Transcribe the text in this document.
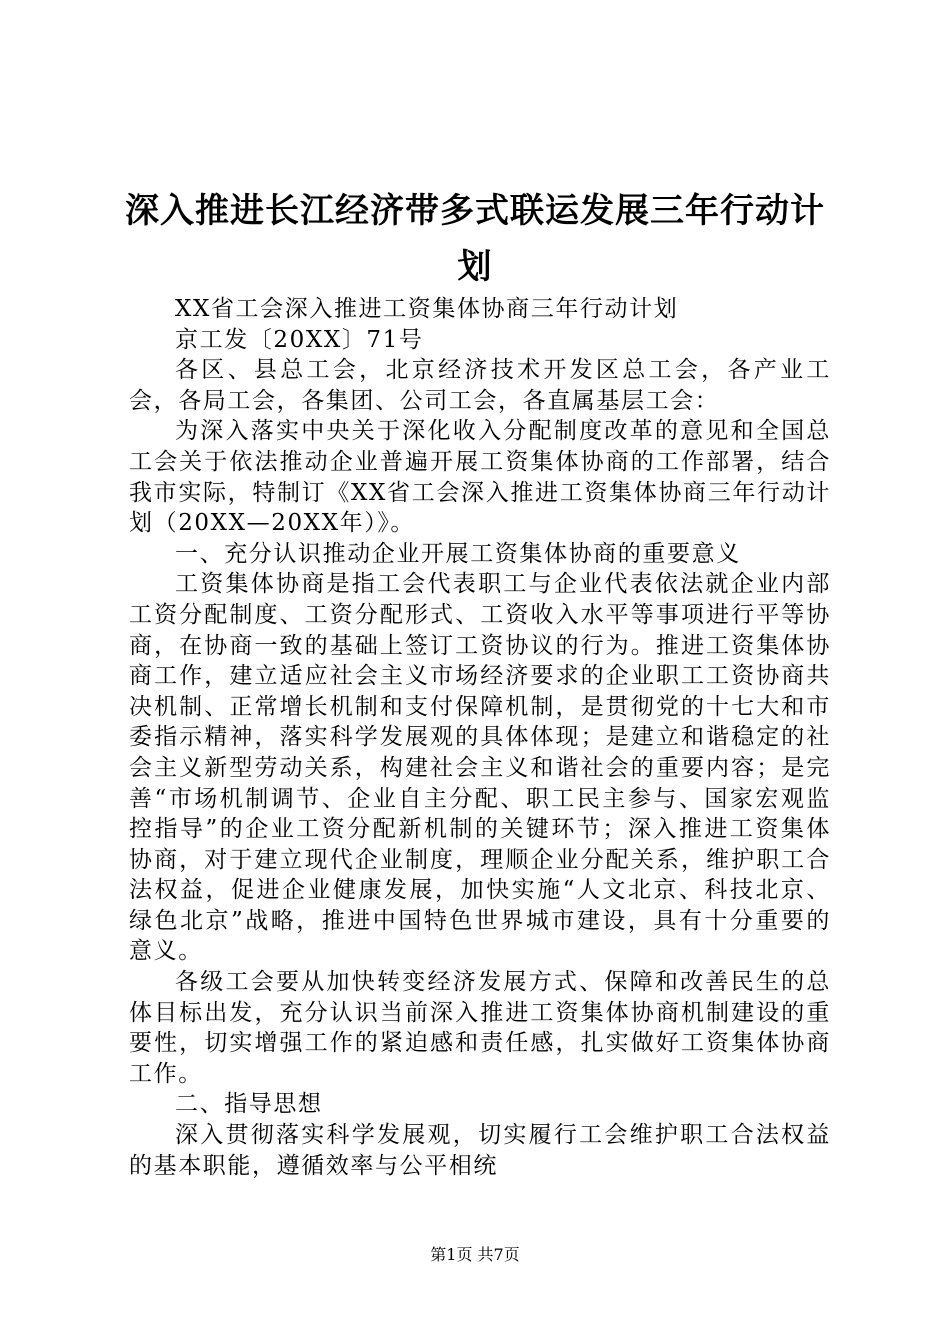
深入推进长江经济带多式联运发展三年行动计划

XX省工会深入推进工资集体协商三年行动计划

京工发〔20XX〕71号

各区、县总工会，北京经济技术开发区总工会，各产业工会，各局工会，各集团、公司工会，各直属基层工会：

为深入落实中央关于深化收入分配制度改革的意见和全国总工会关于依法推动企业普遍开展工资集体协商的工作部署，结合我市实际，特制订《XX省工会深入推进工资集体协商三年行动计划（20XX—20XX年）》。

一、充分认识推动企业开展工资集体协商的重要意义

工资集体协商是指工会代表职工与企业代表依法就企业内部工资分配制度、工资分配形式、工资收入水平等事项进行平等协商，在协商一致的基础上签订工资协议的行为。推进工资集体协商工作，建立适应社会主义市场经济要求的企业职工工资协商共决机制、正常增长机制和支付保障机制，是贯彻党的十七大和市委指示精神，落实科学发展观的具体体现；是建立和谐稳定的社会主义新型劳动关系，构建社会主义和谐社会的重要内容；是完善“市场机制调节、企业自主分配、职工民主参与、国家宏观监控指导”的企业工资分配新机制的关键环节；深入推进工资集体协商，对于建立现代企业制度，理顺企业分配关系，维护职工合法权益，促进企业健康发展，加快实施“人文北京、科技北京、绿色北京”战略，推进中国特色世界城市建设，具有十分重要的意义。

各级工会要从加快转变经济发展方式、保障和改善民生的总体目标出发，充分认识当前深入推进工资集体协商机制建设的重要性，切实增强工作的紧迫感和责任感，扎实做好工资集体协商工作。

二、指导思想

深入贯彻落实科学发展观，切实履行工会维护职工合法权益的基本职能，遵循效率与公平相统

第1页 共7页
